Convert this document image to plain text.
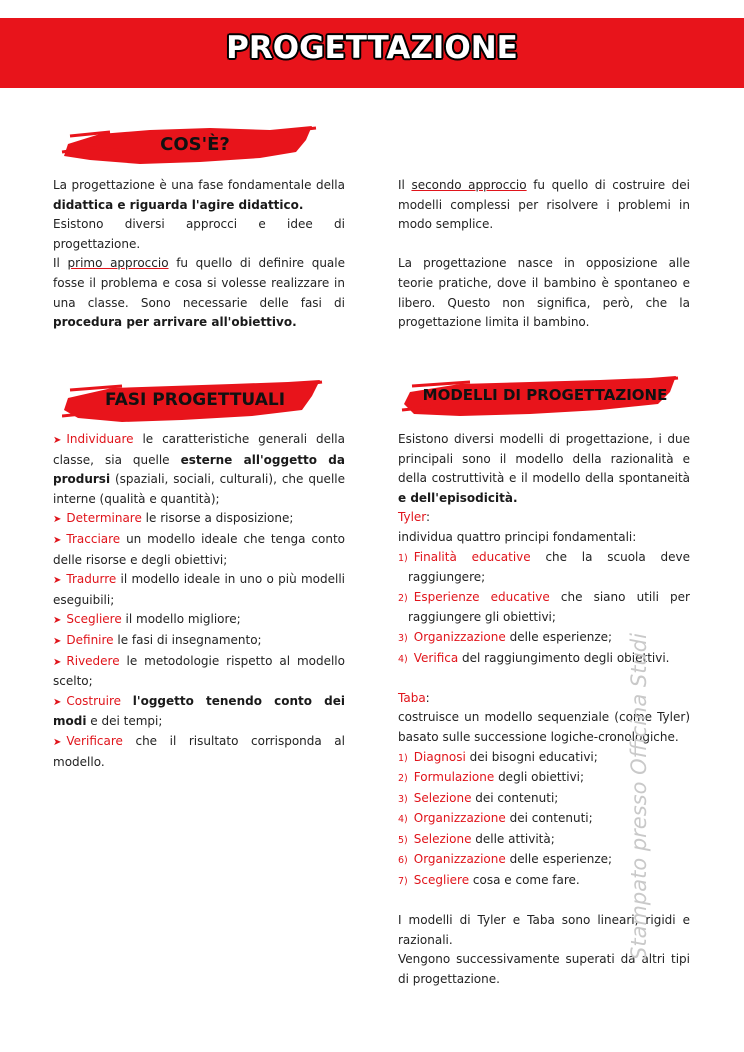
PROGETTAZIONE
COS'È?
FASI PROGETTUALI	MODELLI DI PROGETTAZIONE

La progettazione è una fase fondamentale della didattica e riguarda l'agire didattico.

Esistono diversi approcci e idee di progettazione.

Il primo approccio fu quello di definire quale fosse il problema e cosa si volesse realizzare in una classe. Sono necessarie delle fasi di procedura per arrivare all'obiettivo.

Il secondo approccio fu quello di costruire dei modelli complessi per risolvere i problemi in modo semplice.

La progettazione nasce in opposizione alle teorie pratiche, dove il bambino è spontaneo e libero. Questo non significa, però, che la progettazione limita il bambino.

➤ Individuare le caratteristiche generali della classe, sia quelle esterne all'oggetto da prodursi (spaziali, sociali, culturali), che quelle interne (qualità e quantità);

➤ Determinare le risorse a disposizione;

➤ Tracciare un modello ideale che tenga conto delle risorse e degli obiettivi;

➤ Tradurre il modello ideale in uno o più modelli eseguibili;

➤ Scegliere il modello migliore;

➤ Definire le fasi di insegnamento;

➤ Rivedere le metodologie rispetto al modello scelto;

➤ Costruire l'oggetto tenendo conto dei modi e dei tempi;

➤ Verificare che il risultato corrisponda al modello.

Esistono diversi modelli di progettazione, i due principali sono il modello della razionalità e della costruttività e il modello della spontaneità e dell'episodicità.

Tyler:

individua quattro principi fondamentali:

1) Finalità educative che la scuola deve raggiungere;

2) Esperienze educative che siano utili per raggiungere gli obiettivi;

3) Organizzazione delle esperienze;

4) Verifica del raggiungimento degli obiettivi.

Taba:

costruisce un modello sequenziale (come Tyler) basato sulle successione logiche-cronologiche.

1) Diagnosi dei bisogni educativi;

2) Formulazione degli obiettivi;

3) Selezione dei contenuti;

4) Organizzazione dei contenuti;

5) Selezione delle attività;

6) Organizzazione delle esperienze;

7) Scegliere cosa e come fare.

I modelli di Tyler e Taba sono lineari, rigidi e razionali.

Vengono successivamente superati da altri tipi di progettazione.

Stampato presso Officina Studi
